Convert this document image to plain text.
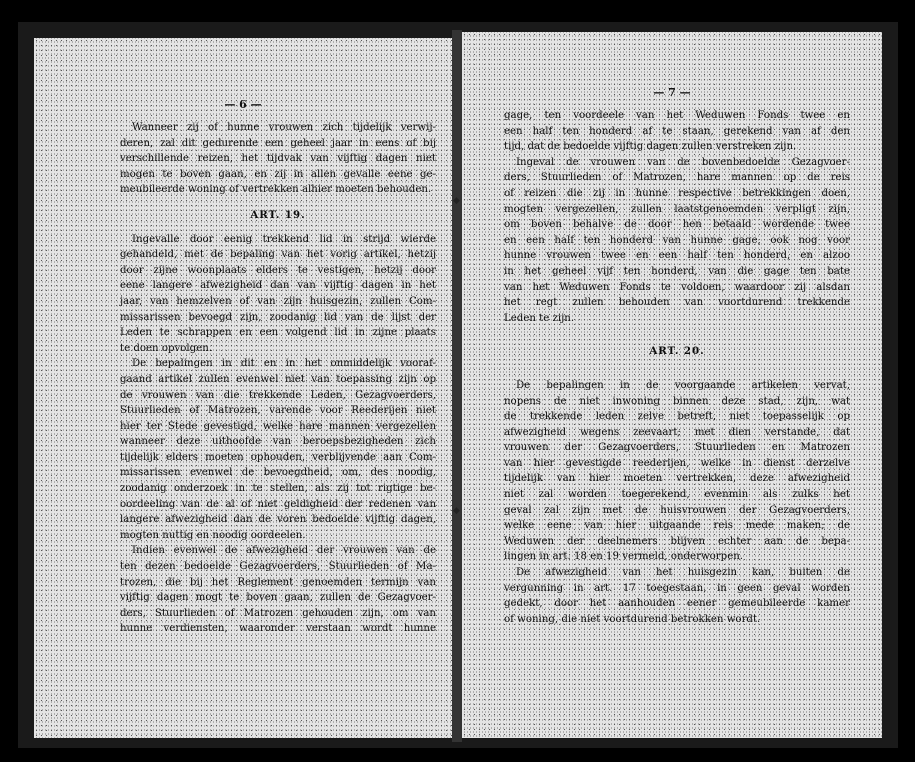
— 6 —
Wanneer zij of hunne vrouwen zich tijdelijk verwij-
deren, zal dit gedurende een geheel jaar in eens of bij
verschillende reizen, het tijdvak van vijftig dagen niet
mogen te boven gaan, en zij in allen gevalle eene ge-
meubileerde woning of vertrekken alhier moeten behouden.
ART. 19.
Ingevalle door eenig trekkend lid in strijd wierde
gehandeld, met de bepaling van het vorig artikel, hetzij
door zijne woonplaats elders te vestigen, hetzij door
eene langere afwezigheid dan van vijftig dagen in het
jaar, van hemzelven of van zijn huisgezin, zullen Com-
missarissen bevoegd zijn, zoodanig lid van de lijst der
Leden te schrappen en een volgend lid in zijne plaats
te doen opvolgen.
De bepalingen in dit en in het onmiddelijk vooraf-
gaand artikel zullen evenwel niet van toepassing zijn op
de vrouwen van die trekkende Leden, Gezagvoerders,
Stuurlieden of Matrozen, varende voor Reederijen niet
hier ter Stede gevestigd, welke hare mannen vergezellen
wanneer deze uithoofde van beroepsbezigheden zich
tijdelijk elders moeten ophouden, verblijvende aan Com-
missarissen evenwel de bevoegdheid, om, des noodig,
zoodanig onderzoek in te stellen, als zij tot rigtige be-
oordeeling van de al of niet geldigheid der redenen van
langere afwezigheid dan de voren bedoelde vijftig dagen,
mogten nuttig en noodig oordeelen.
Indien evenwel de afwezigheid der vrouwen van de
ten dezen bedoelde Gezagvoerders, Stuurlieden of Ma-
trozen, die bij het Reglement genoemden termijn van
vijftig dagen mogt te boven gaan, zullen de Gezagvoer-
ders, Stuurlieden of Matrozen gehouden zijn, om van
hunne verdiensten, waaronder verstaan wordt hunne
— 7 —
gage, ten voordeele van het Weduwen Fonds twee en
een half ten honderd af te staan, gerekend van af den
tijd, dat de bedoelde vijftig dagen zullen verstreken zijn.
Ingeval de vrouwen van de bovenbedoelde Gezagvoer-
ders, Stuurlieden of Matrozen, hare mannen op de reis
of reizen die zij in hunne respective betrekkingen doen,
mogten vergezellen, zullen laatstgenoemden verpligt zijn,
om boven behalve de door hen betaald wordende twee
en een half ten honderd van hunne gage, ook nog voor
hunne vrouwen twee en een half ten honderd, en alzoo
in het geheel vijf ten honderd, van die gage ten bate
van het Weduwen Fonds te voldoen, waardoor zij alsdan
het regt zullen behouden van voortdurend trekkende
Leden te zijn.
ART. 20.
De bepalingen in de voorgaande artikelen vervat,
nopens de niet inwoning binnen deze stad, zijn, wat
de trekkende leden zelve betreft, niet toepasselijk op
afwezigheid wegens zeevaart; met dien verstande, dat
vrouwen der Gezagvoerders, Stuurlieden en Matrozen
van hier gevestigde reederijen, welke in dienst derzelve
tijdelijk van hier moeten vertrekken, deze afwezigheid
niet zal worden toegerekend, evenmin als zulks het
geval zal zijn met de huisvrouwen der Gezagvoerders,
welke eene van hier uitgaande reis mede maken; de
Weduwen der deelnemers blijven echter aan de bepa-
lingen in art. 18 en 19 vermeld, onderworpen.
De afwezigheid van het huisgezin kan, buiten de
vergunning in art. 17 toegestaan, in geen geval worden
gedekt, door het aanhouden eener gemeubileerde kamer
of woning, die niet voortdurend betrokken wordt.
◆
◆
